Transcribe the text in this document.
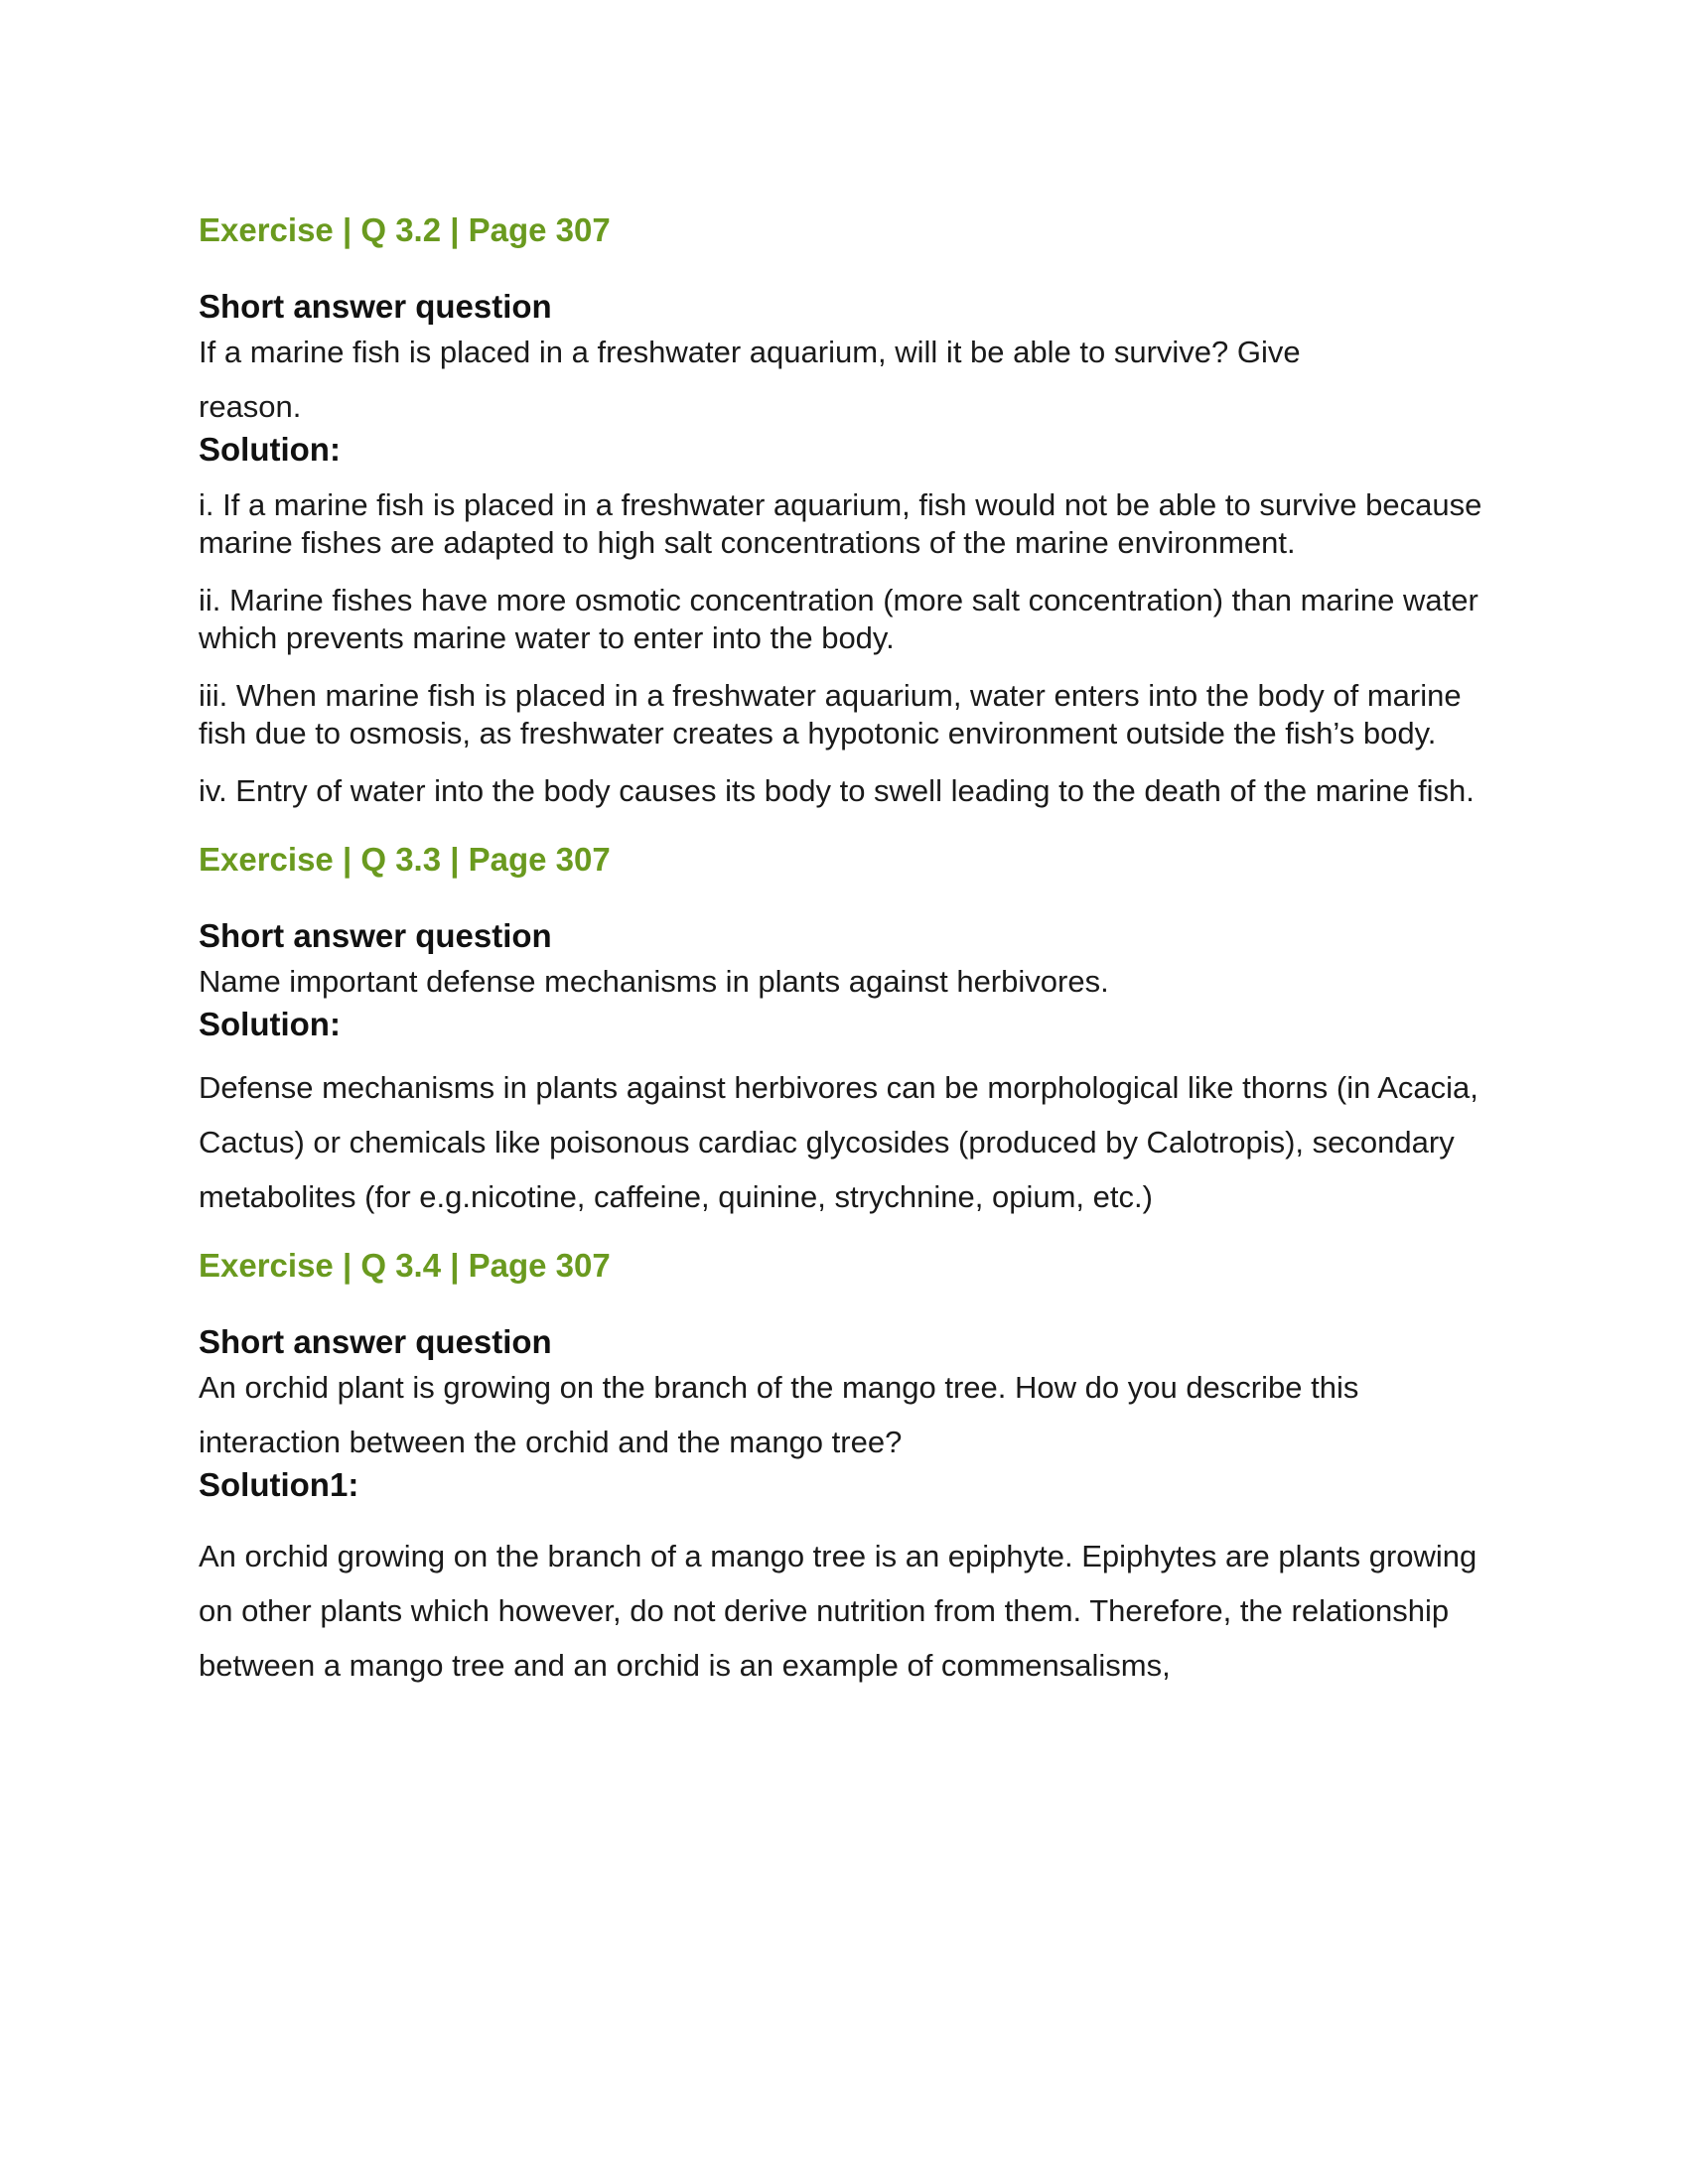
Exercise | Q 3.2 | Page 307

Short answer question

If a marine fish is placed in a freshwater aquarium, will it be able to survive? Give reason.

Solution:

i. If a marine fish is placed in a freshwater aquarium, fish would not be able to survive because marine fishes are adapted to high salt concentrations of the marine environment.

ii. Marine fishes have more osmotic concentration (more salt concentration) than marine water which prevents marine water to enter into the body.

iii. When marine fish is placed in a freshwater aquarium, water enters into the body of marine fish due to osmosis, as freshwater creates a hypotonic environment outside the fish’s body.

iv. Entry of water into the body causes its body to swell leading to the death of the marine fish.

Exercise | Q 3.3 | Page 307

Short answer question

Name important defense mechanisms in plants against herbivores.

Solution:

Defense mechanisms in plants against herbivores can be morphological like thorns (in Acacia, Cactus) or chemicals like poisonous cardiac glycosides (produced by Calotropis), secondary metabolites (for e.g.nicotine, caffeine, quinine, strychnine, opium, etc.)

Exercise | Q 3.4 | Page 307

Short answer question

An orchid plant is growing on the branch of the mango tree. How do you describe this interaction between the orchid and the mango tree?

Solution1:

An orchid growing on the branch of a mango tree is an epiphyte. Epiphytes are plants growing on other plants which however, do not derive nutrition from them. Therefore, the relationship between a mango tree and an orchid is an example of commensalisms,
